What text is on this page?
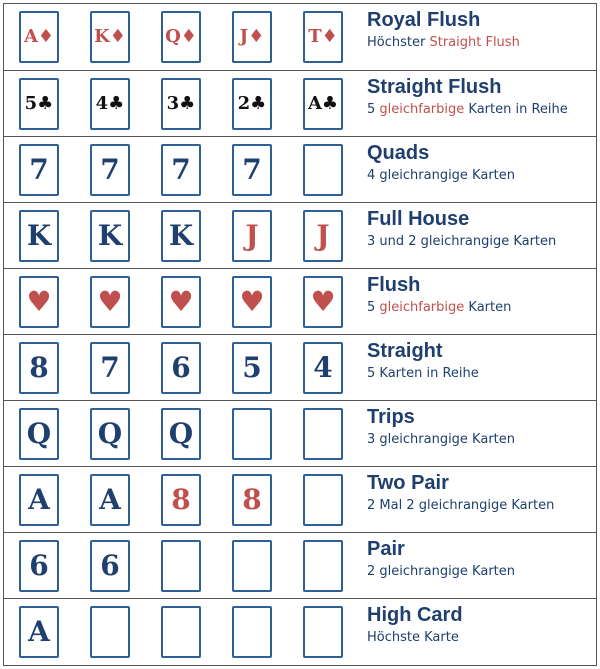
A♦ K♦ Q♦ J♦ T♦
Royal Flush
Höchster Straight Flush
5♣ 4♣ 3♣ 2♣ A♣
Straight Flush
5 gleichfarbige Karten in Reihe
7 7 7 7	Quads
4 gleichrangige Karten
K K K J J Full House
3 und 2 gleichrangige Karten
♥ ♥ ♥ ♥ ♥ Flush
5 gleichfarbige Karten
8 7 6 5 4 Straight
5 Karten in Reihe
Q Q Q	Trips
3 gleichrangige Karten
A A 8 8	Two Pair
2 Mal 2 gleichrangige Karten
6 6	Pair
2 gleichrangige Karten
A	High Card
Höchste Karte
